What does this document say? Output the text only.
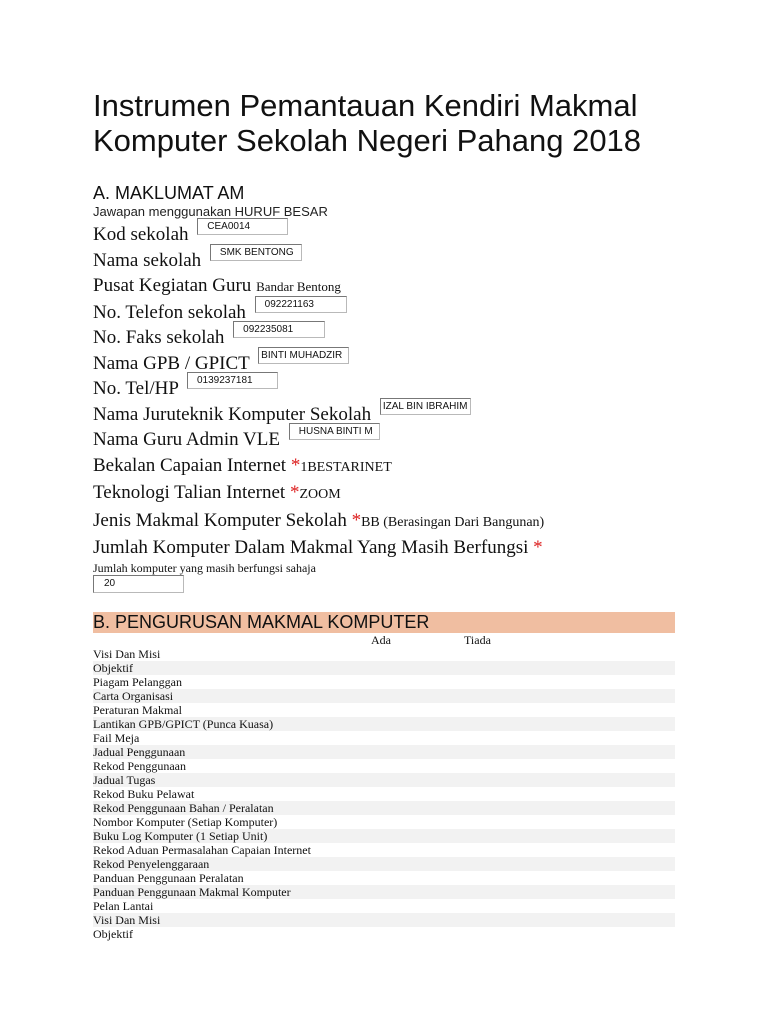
Instrumen Pemantauan Kendiri Makmal Komputer Sekolah Negeri Pahang 2018
A. MAKLUMAT AM
Jawapan menggunakan HURUF BESAR
Kod sekolah CEA0014
Nama sekolah SMK BENTONG
Pusat Kegiatan Guru Bandar Bentong
No. Telefon sekolah 092221163
No. Faks sekolah 092235081
Nama GPB / GPICT BINTI MUHADZIR
No. Tel/HP 0139237181
Nama Juruteknik Komputer Sekolah IZAL BIN IBRAHIM
Nama Guru Admin VLE HUSNA BINTI M
Bekalan Capaian Internet *1BESTARINET
Teknologi Talian Internet *ZOOM
Jenis Makmal Komputer Sekolah *BB (Berasingan Dari Bangunan)
Jumlah Komputer Dalam Makmal Yang Masih Berfungsi *
Jumlah komputer yang masih berfungsi sahaja
20
B. PENGURUSAN MAKMAL KOMPUTER
Ada	Tiada
Visi Dan Misi
Objektif
Piagam Pelanggan
Carta Organisasi
Peraturan Makmal
Lantikan GPB/GPICT (Punca Kuasa)
Fail Meja
Jadual Penggunaan
Rekod Penggunaan
Jadual Tugas
Rekod Buku Pelawat
Rekod Penggunaan Bahan / Peralatan
Nombor Komputer (Setiap Komputer)
Buku Log Komputer (1 Setiap Unit)
Rekod Aduan Permasalahan Capaian Internet
Rekod Penyelenggaraan
Panduan Penggunaan Peralatan
Panduan Penggunaan Makmal Komputer
Pelan Lantai
Visi Dan Misi
Objektif
